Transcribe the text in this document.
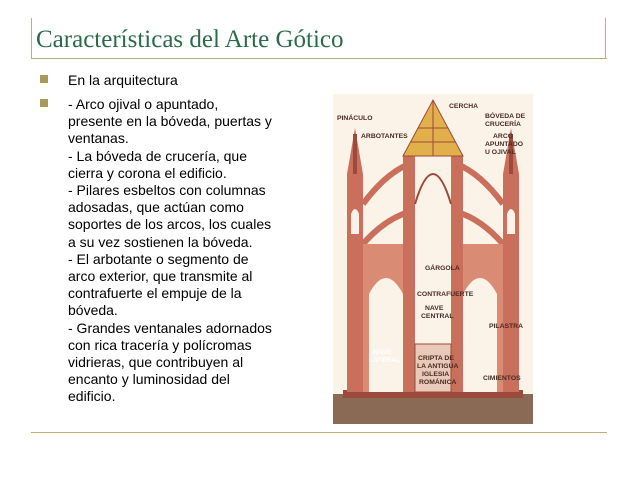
Características del Arte Gótico
En la arquitectura
- Arco ojival o apuntado,
presente en la bóveda, puertas y
ventanas.
- La bóveda de crucería, que
cierra y corona el edificio.
- Pilares esbeltos con columnas
adosadas, que actúan como
soportes de los arcos, los cuales
a su vez sostienen la bóveda.
- El arbotante o segmento de
arco exterior, que transmite al
contrafuerte el empuje de la
bóveda.
- Grandes ventanales adornados
con rica tracería y polícromas
vidrieras, que contribuyen al
encanto y luminosidad del
edificio.
CERCHA
PINÁCULO	BÓVEDA DE
CRUCERÍA
ARBOTANTES	ARCO
APUNTADO
U OJIVAL
GÁRGOLA
CONTRAFUERTE
NAVE
CENTRAL
PILASTRA
NAVE
LATERAL	CRIPTA DE
LA ANTIGUA
IGLESIA
ROMÁNICA
CIMIENTOS
